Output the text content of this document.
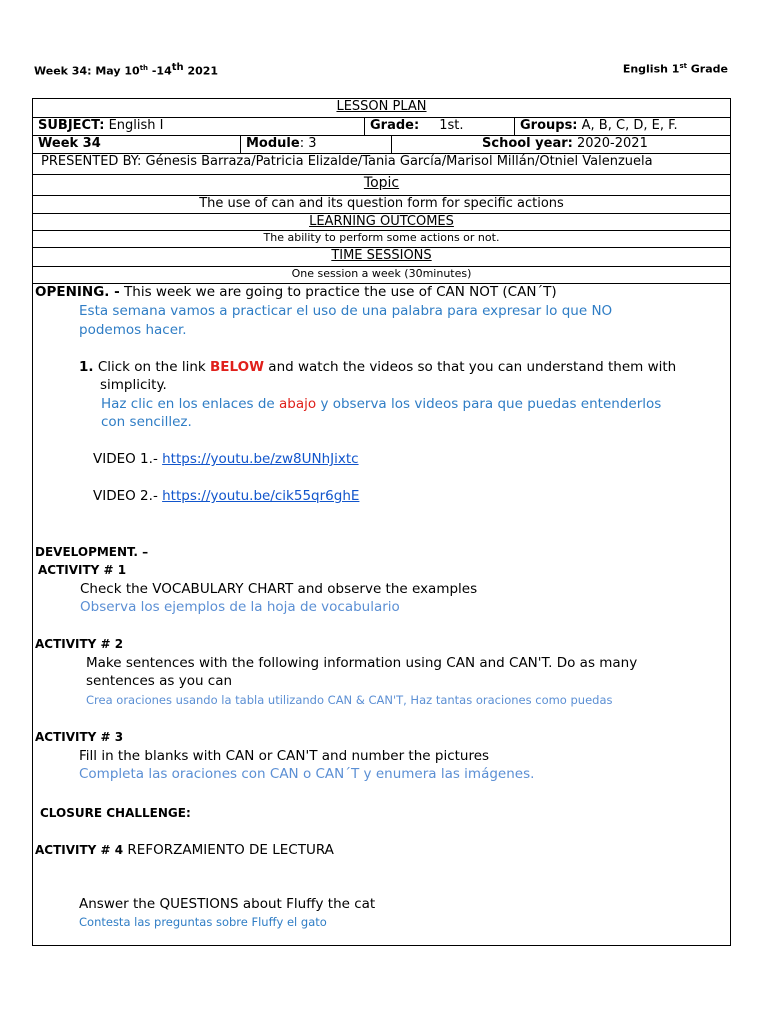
Week 34: May 10th -14th 2021	English 1st Grade
LESSON PLAN
SUBJECT: English I	Grade: 1st.	Groups: A, B, C, D, E, F.
Week 34	Module: 3	School year: 2020-2021
PRESENTED BY: Génesis Barraza/Patricia Elizalde/Tania García/Marisol Millán/Otniel Valenzuela
Topic
The use of can and its question form for specific actions
LEARNING OUTCOMES
The ability to perform some actions or not.
TIME SESSIONS
One session a week (30minutes)
OPENING. - This week we are going to practice the use of CAN NOT (CAN´T)
Esta semana vamos a practicar el uso de una palabra para expresar lo que NO
podemos hacer.
1. Click on the link BELOW and watch the videos so that you can understand them with
simplicity.
Haz clic en los enlaces de abajo y observa los videos para que puedas entenderlos
con sencillez.
VIDEO 1.- https://youtu.be/zw8UNhJixtc
VIDEO 2.- https://youtu.be/cik55qr6ghE
DEVELOPMENT. –
ACTIVITY # 1
Check the VOCABULARY CHART and observe the examples
Observa los ejemplos de la hoja de vocabulario
ACTIVITY # 2
Make sentences with the following information using CAN and CAN'T. Do as many
sentences as you can
Crea oraciones usando la tabla utilizando CAN & CAN'T, Haz tantas oraciones como puedas
ACTIVITY # 3
Fill in the blanks with CAN or CAN'T and number the pictures
Completa las oraciones con CAN o CAN´T y enumera las imágenes.
CLOSURE CHALLENGE:
ACTIVITY # 4 REFORZAMIENTO DE LECTURA
Answer the QUESTIONS about Fluffy the cat
Contesta las preguntas sobre Fluffy el gato
